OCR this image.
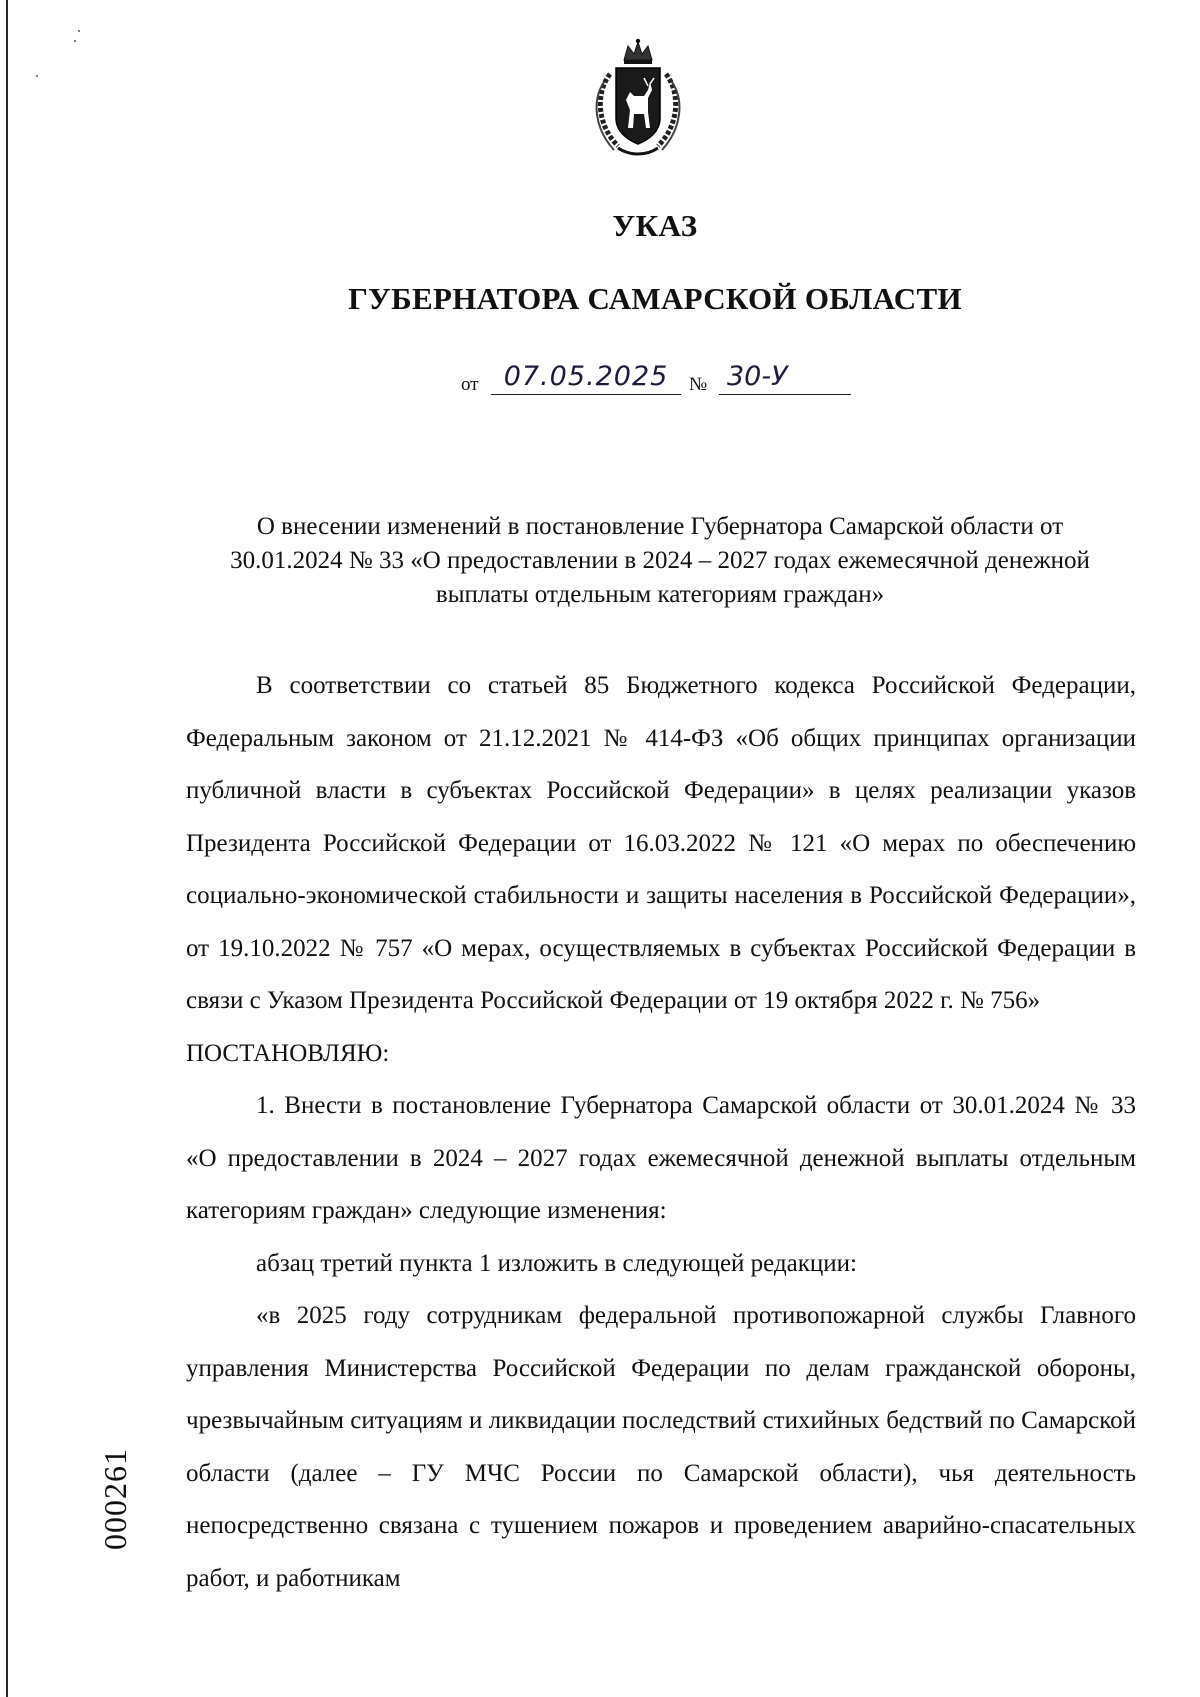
УКАЗ
ГУБЕРНАТОРА САМАРСКОЙ ОБЛАСТИ
от 07.05.2025	№ 30-У
О внесении изменений в постановление Губернатора Самарской области от 30.01.2024 № 33 «О предоставлении в 2024 – 2027 годах ежемесячной денежной выплаты отдельным категориям граждан»

В соответствии со статьей 85 Бюджетного кодекса Российской Федерации, Федеральным законом от 21.12.2021 № 414-ФЗ «Об общих принципах организации публичной власти в субъектах Российской Федерации» в целях реализации указов Президента Российской Федерации от 16.03.2022 № 121 «О мерах по обеспечению социально-экономической стабильности и защиты населения в Российской Федерации», от 19.10.2022 № 757 «О мерах, осуществляемых в субъектах Российской Федерации в связи с Указом Президента Российской Федерации от 19 октября 2022 г. № 756»

ПОСТАНОВЛЯЮ:

1. Внести в постановление Губернатора Самарской области от 30.01.2024 № 33 «О предоставлении в 2024 – 2027 годах ежемесячной денежной выплаты отдельным категориям граждан» следующие изменения:

абзац третий пункта 1 изложить в следующей редакции:

«в 2025 году сотрудникам федеральной противопожарной службы Главного управления Министерства Российской Федерации по делам гражданской обороны, чрезвычайным ситуациям и ликвидации последствий стихийных бедствий по Самарской области (далее – ГУ МЧС России по Самарской области), чья деятельность непосредственно связана с тушением пожаров и проведением аварийно-спасательных работ, и работникам

000261
